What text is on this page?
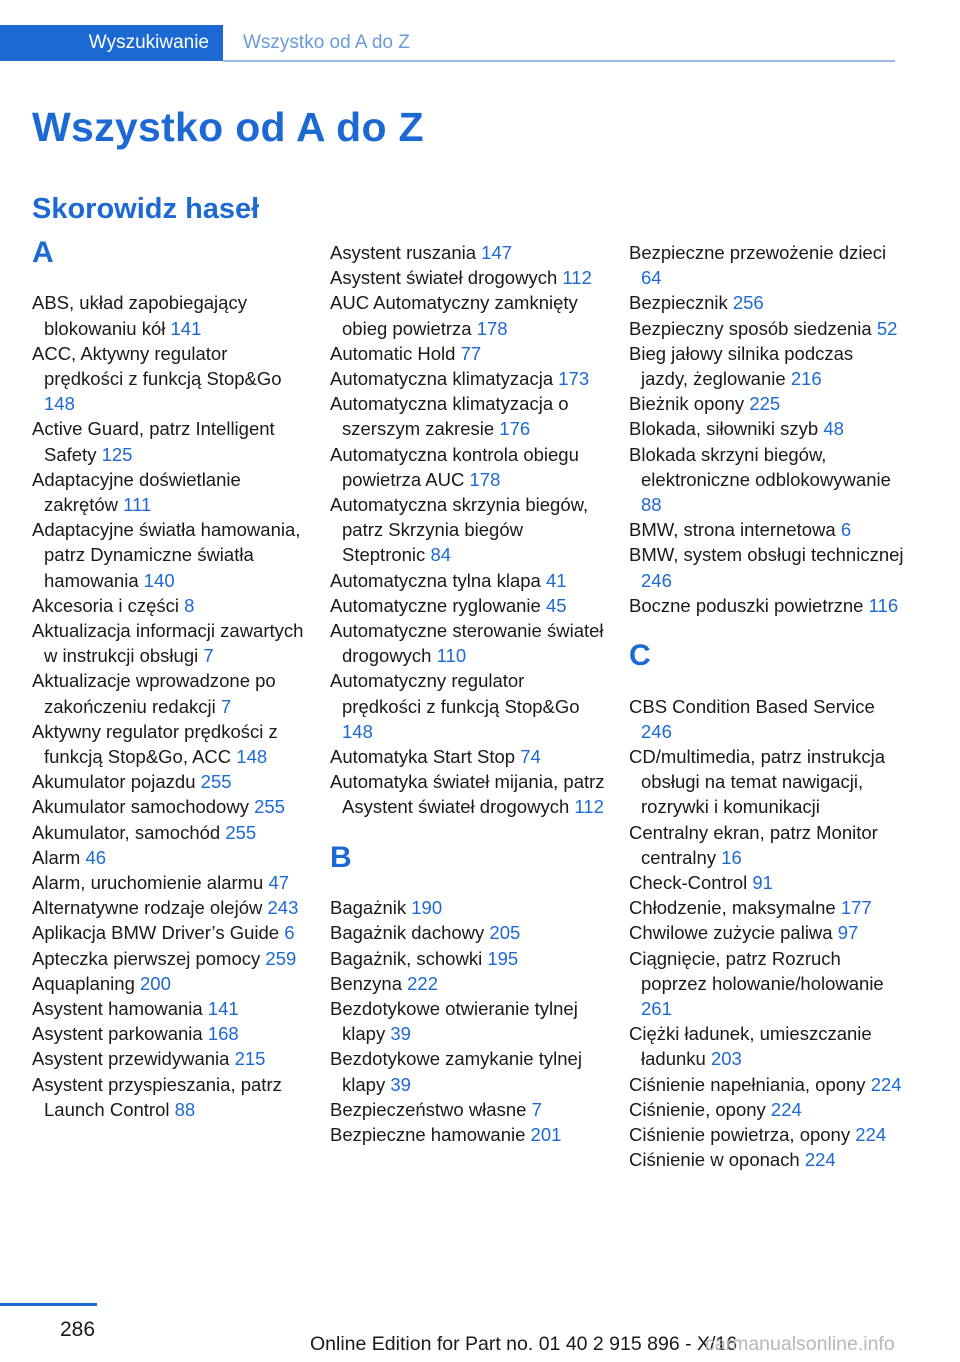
Wyszukiwanie	Wszystko od A do Z
Wszystko od A do Z
Skorowidz haseł
A
ABS, układ zapobiegający blokowaniu kół 141
ACC, Aktywny regulator prędkości z funkcją Stop&Go 148
Active Guard, patrz Intelligent Safety 125
Adaptacyjne doświetlanie zakrętów 111
Adaptacyjne światła hamowania, patrz Dynamiczne światła hamowania 140
Akcesoria i części 8
Aktualizacja informacji zawartych w instrukcji obsługi 7
Aktualizacje wprowadzone po zakończeniu redakcji 7
Aktywny regulator prędkości z funkcją Stop&Go, ACC 148
Akumulator pojazdu 255
Akumulator samochodowy 255
Akumulator, samochód 255
Alarm 46
Alarm, uruchomienie alarmu 47
Alternatywne rodzaje olejów 243
Aplikacja BMW Driver’s Guide 6
Apteczka pierwszej pomocy 259
Aquaplaning 200
Asystent hamowania 141
Asystent parkowania 168
Asystent przewidywania 215
Asystent przyspieszania, patrz Launch Control 88
Asystent ruszania 147
Asystent świateł drogowych 112
AUC Automatyczny zamknięty obieg powietrza 178
Automatic Hold 77
Automatyczna klimatyzacja 173
Automatyczna klimatyzacja o szerszym zakresie 176
Automatyczna kontrola obiegu powietrza AUC 178
Automatyczna skrzynia biegów, patrz Skrzynia biegów Steptronic 84
Automatyczna tylna klapa 41
Automatyczne ryglowanie 45
Automatyczne sterowanie świateł drogowych 110
Automatyczny regulator prędkości z funkcją Stop&Go 148
Automatyka Start Stop 74
Automatyka świateł mijania, patrz Asystent świateł drogowych 112
B
Bagażnik 190
Bagażnik dachowy 205
Bagażnik, schowki 195
Benzyna 222
Bezdotykowe otwieranie tylnej klapy 39
Bezdotykowe zamykanie tylnej klapy 39
Bezpieczeństwo własne 7
Bezpieczne hamowanie 201
Bezpieczne przewożenie dzieci 64
Bezpiecznik 256
Bezpieczny sposób siedzenia 52
Bieg jałowy silnika podczas jazdy, żeglowanie 216
Bieżnik opony 225
Blokada, siłowniki szyb 48
Blokada skrzyni biegów, elektroniczne odblokowywanie 88
BMW, strona internetowa 6
BMW, system obsługi technicznej 246
Boczne poduszki powietrzne 116
C
CBS Condition Based Service 246
CD/multimedia, patrz instrukcja obsługi na temat nawigacji, rozrywki i komunikacji
Centralny ekran, patrz Monitor centralny 16
Check-Control 91
Chłodzenie, maksymalne 177
Chwilowe zużycie paliwa 97
Ciągnięcie, patrz Rozruch poprzez holowanie/holowanie 261
Ciężki ładunek, umieszczanie ładunku 203
Ciśnienie napełniania, opony 224
Ciśnienie, opony 224
Ciśnienie powietrza, opony 224
Ciśnienie w oponach 224
286
Online Edition for Part no. 01 40 2 915 896 - X/16
carmanualsonline.info
